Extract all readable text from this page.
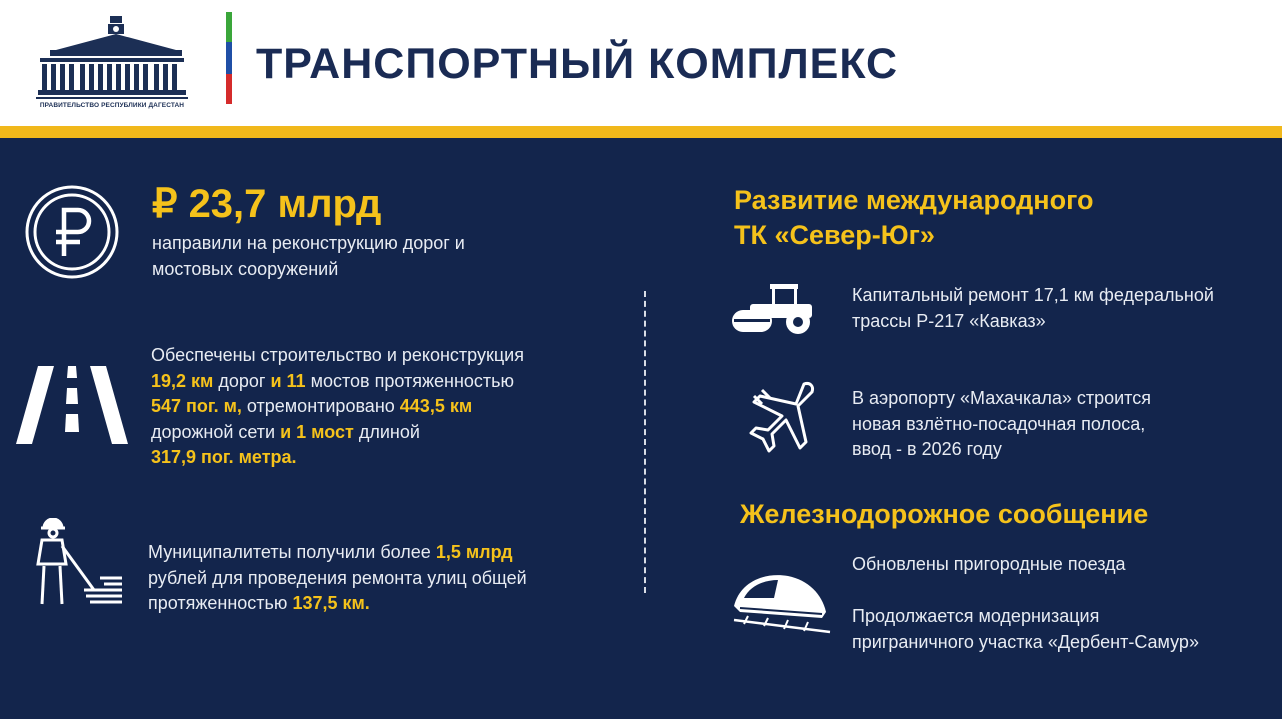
ПРАВИТЕЛЬСТВО РЕСПУБЛИКИ ДАГЕСТАН
ТРАНСПОРТНЫЙ КОМПЛЕКС
₽ 23,7 млрд
направили на реконструкцию дорог и
мостовых сооружений
Обеспечены строительство и реконструкция
19,2 км дорог и 11 мостов протяженностью
547 пог. м, отремонтировано 443,5 км
дорожной сети и 1 мост длиной
317,9 пог. метра.
Муниципалитеты получили более 1,5 млрд
рублей для проведения ремонта улиц общей
протяженностью 137,5 км.
Развитие международного
ТК «Север-Юг»
Капитальный ремонт 17,1 км федеральной
трассы Р-217 «Кавказ»
В аэропорту «Махачкала» строится
новая взлётно-посадочная полоса,
ввод - в 2026 году
Железнодорожное сообщение
Обновлены пригородные поезда
Продолжается модернизация
приграничного участка «Дербент-Самур»
